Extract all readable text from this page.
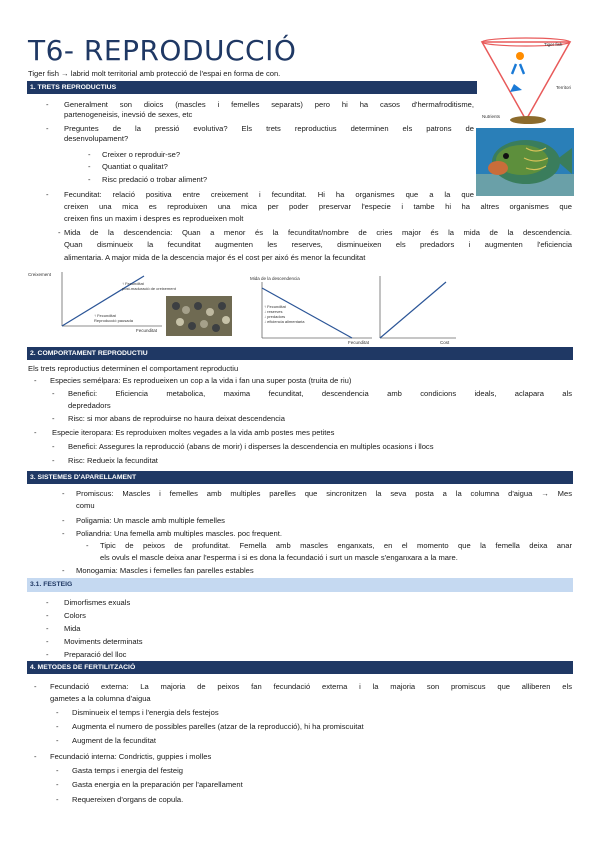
T6- REPRODUCCIÓ
Tiger fish → labrid molt territorial amb protecció de l'espai en forma de con.
Tiger fish
Territori
Nutrients
1. TRETS REPRODUCTIUS
- Generalment son dioics (mascles i femelles separats) pero hi ha casos d'hermafroditisme,
partenogeneisis, inevsió de sexes, etc
- Preguntes de la pressió evolutiva? Els trets reproductius determinen els patrons de
desenvolupament?
- Creixer o reproduir-se?
- Quantiat o qualitat?
- Risc predació o trobar aliment?
- Fecunditat: relació positiva entre creixement i fecunditat. Hi ha organismes que a la que
creixen una mica es reproduixen una mica per poder preservar l'especie i tambe hi ha altres organismes que
creixen fins un maxim i despres es reprodueixen molt
- Mida de la descendencia: Quan a menor és la fecunditat/nombre de cries major és la mida de la descendencia.
Quan disminueix la fecunditat augmenten les reserves, disminueixen els predadors i augmenten l'eficiencia
alimentaria. A major mida de la descencia major és el cost per aixó és menor la fecunditat
Creixement
Fecunditat
↑ Fecunditat
post-maduració de creixement
↑ Fecunditat
Reproducció pausada
Mida de la descendencia
Fecunditat
↑ Fecunditat
↓ reserves
↓ predadors
↓ eficiencia alimentaria
Cost
2. COMPORTAMENT REPRODUCTIU
Els trets reproductius determinen el comportament reproductiu
- Especies semélpara: Es reprodueixen un cop a la vida i fan una super posta (truita de riu)
- Benefici: Eficiencia metabolica, maxima fecunditat, descendencia amb condicions ideals, aclapara als
depredadors
- Risc: si mor abans de reproduirse no haura deixat descendencia
- Especie iteropara: Es reproduixen moltes vegades a la vida amb postes mes petites
- Benefici: Assegures la reproducció (abans de morir) i disperses la descendencia en multiples ocasions i llocs
- Risc: Redueix la fecunditat
3. SISTEMES D'APARELLAMENT
- Promiscus: Mascles i femelles amb multiples parelles que sincronitzen la seva posta a la columna d'aigua → Mes
comu
- Poligamia: Un mascle amb multiple femelles
- Poliandria: Una femella amb multiples mascles. poc frequent.
- Tipic de peixos de profunditat. Femella amb mascles enganxats, en el momento que la femella deixa anar
els ovuls el mascle deixa anar l'esperma i si es dona la fecundació i surt un mascle s'enganxara a la mare.
- Monogamia: Mascles i femelles fan parelles estables
3.1. FESTEIG
- Dimorfismes exuals
- Colors
- Mida
- Moviments determinats
- Preparació del lloc
4. METODES DE FERTILITZACIÓ
- Fecundació externa: La majoria de peixos fan fecundació externa i la majoria son promiscus que alliberen els
gametes a la columna d'aigua
- Disminueix el temps i l'energia dels festejos
- Augmenta el numero de possibles parelles (atzar de la reproducció), hi ha promiscuitat
- Augment de la fecunditat
- Fecundació interna: Condrictis, guppies i molles
- Gasta temps i energia del festeig
- Gasta energia en la preparación per l'aparellament
- Requereixen d'organs de copula.
